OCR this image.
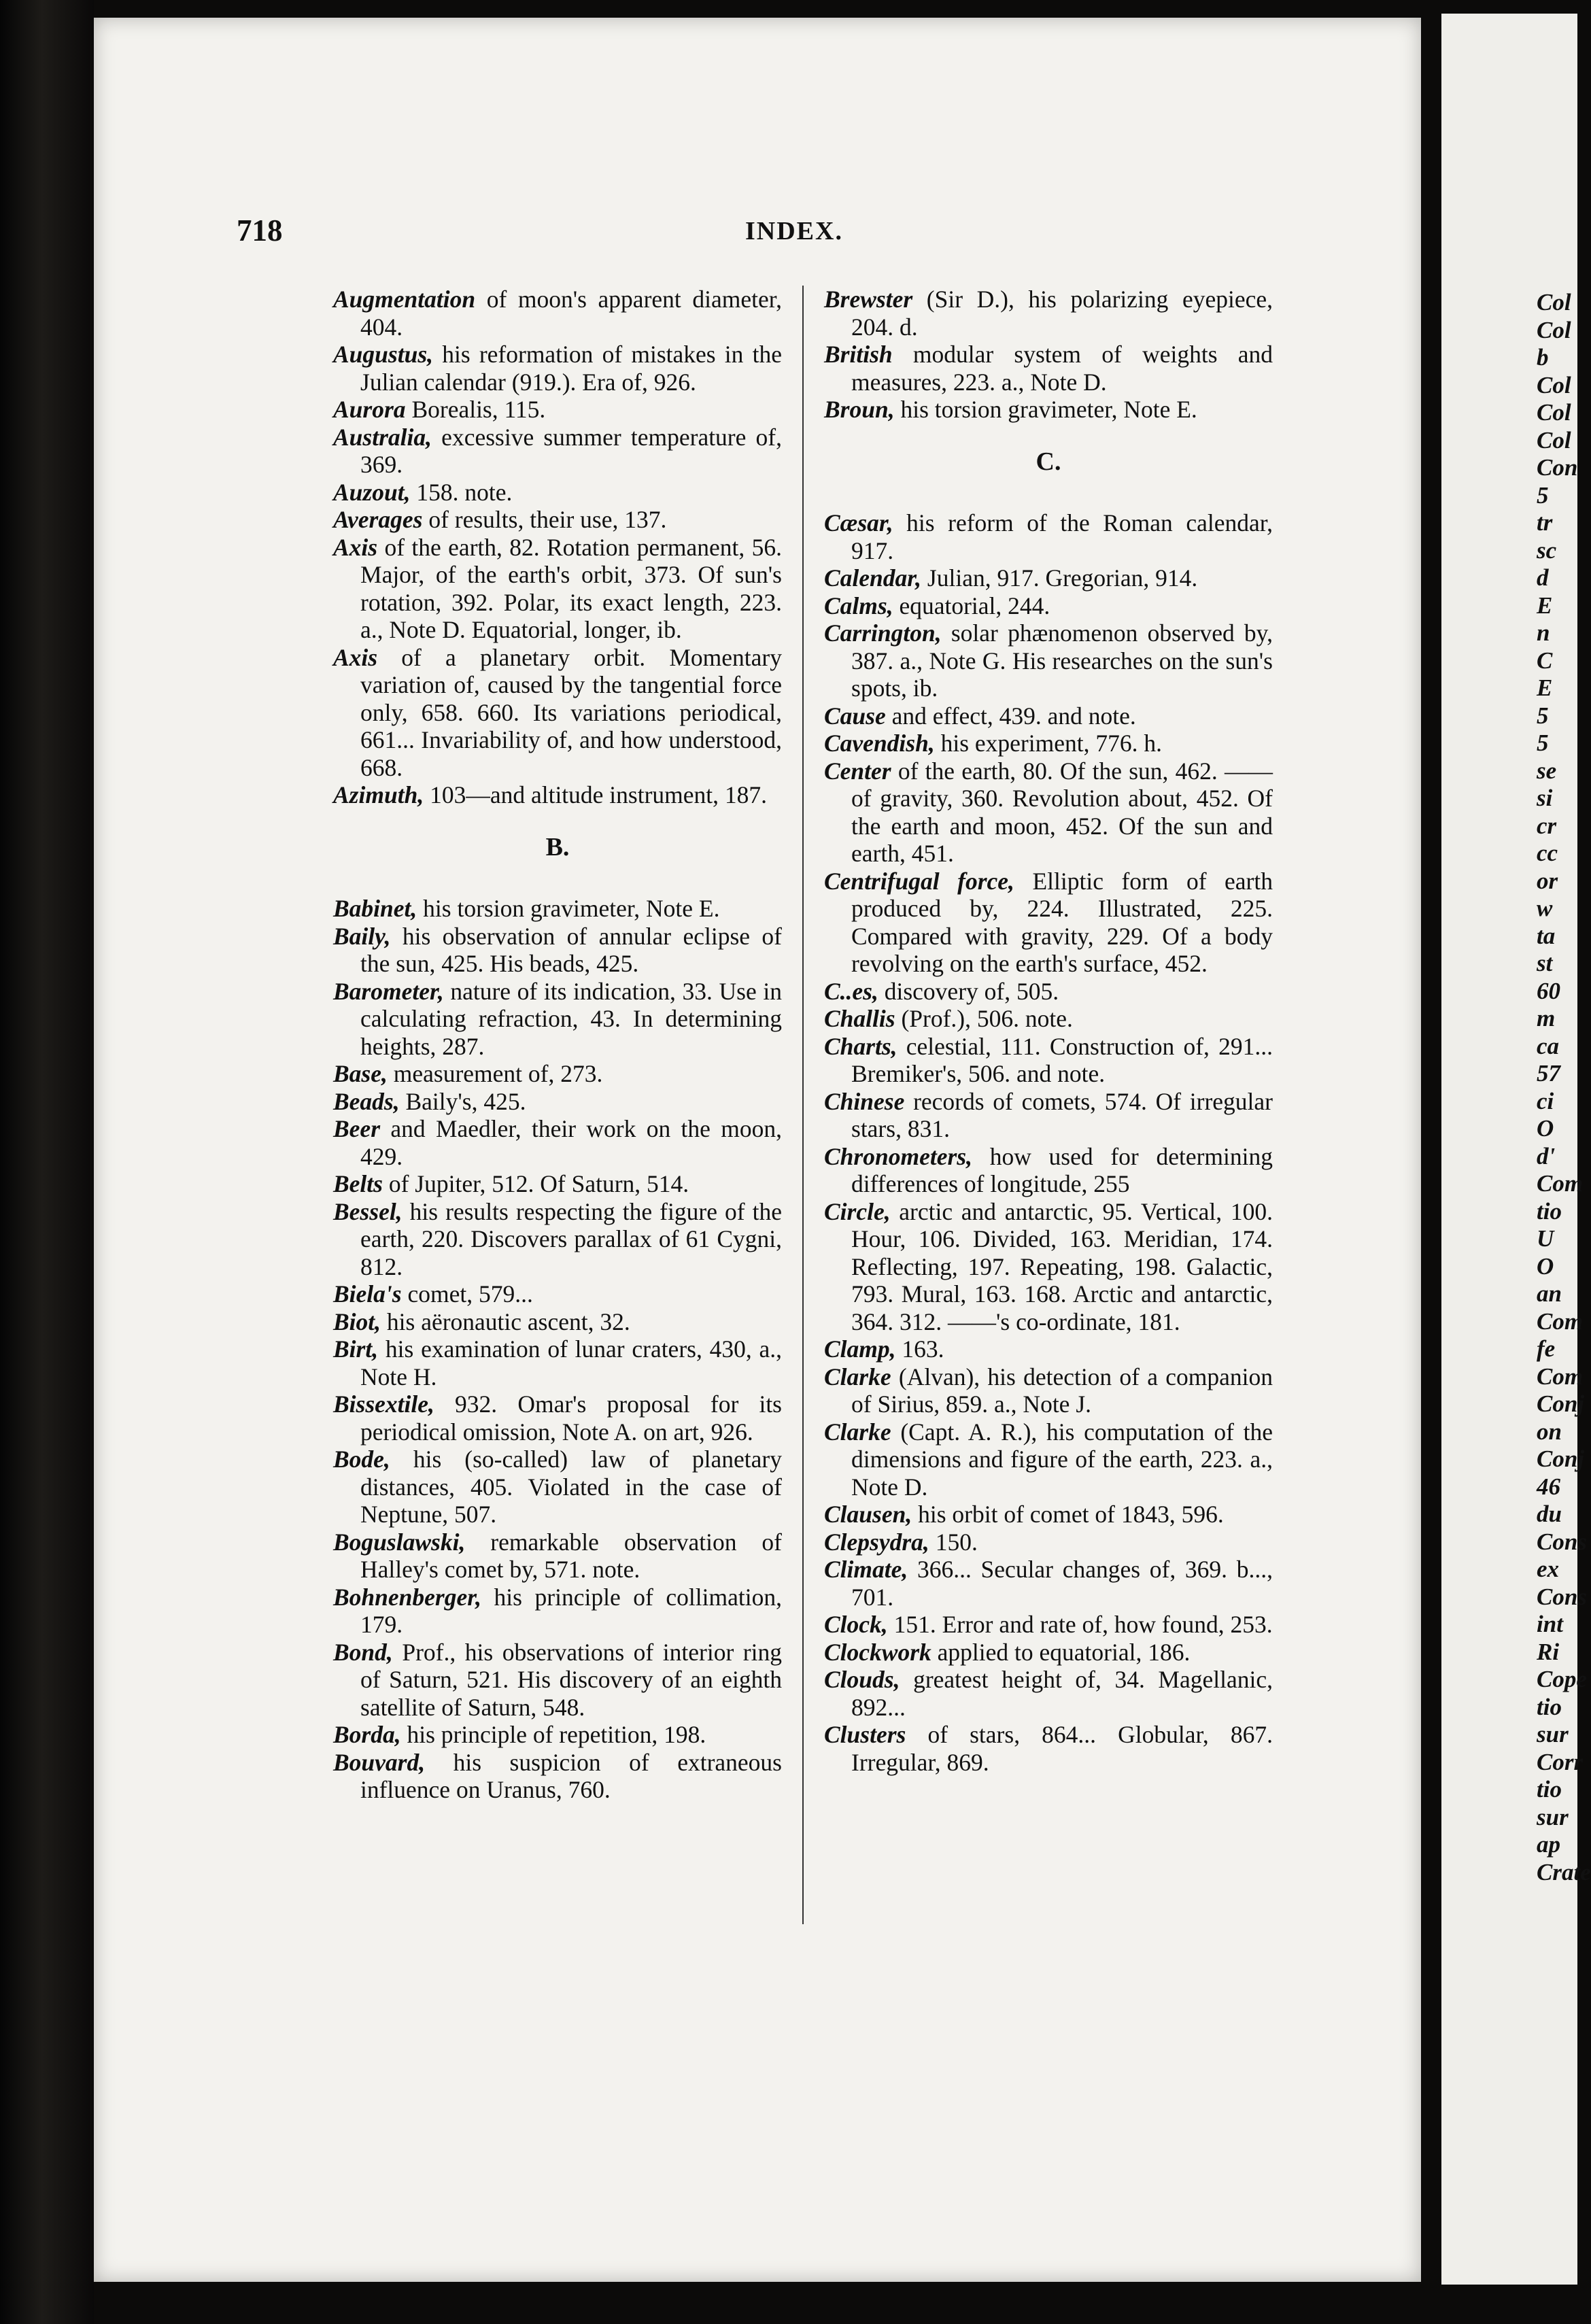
718	INDEX.

Augmentation of moon's apparent diameter, 404.

Augustus, his reformation of mistakes in the Julian calendar (919.). Era of, 926.

Aurora Borealis, 115.

Australia, excessive summer temperature of, 369.

Auzout, 158. note.

Averages of results, their use, 137.

Axis of the earth, 82. Rotation permanent, 56. Major, of the earth's orbit, 373. Of sun's rotation, 392. Polar, its exact length, 223. a., Note D. Equatorial, longer, ib.

Axis of a planetary orbit. Momentary variation of, caused by the tangential force only, 658. 660. Its variations periodical, 661... Invariability of, and how understood, 668.

Azimuth, 103—and altitude instrument, 187.

B.

Babinet, his torsion gravimeter, Note E.

Baily, his observation of annular eclipse of the sun, 425. His beads, 425.

Barometer, nature of its indication, 33. Use in calculating refraction, 43. In determining heights, 287.

Base, measurement of, 273.

Beads, Baily's, 425.

Beer and Maedler, their work on the moon, 429.

Belts of Jupiter, 512. Of Saturn, 514.

Bessel, his results respecting the figure of the earth, 220. Discovers parallax of 61 Cygni, 812.

Biela's comet, 579...

Biot, his aëronautic ascent, 32.

Birt, his examination of lunar craters, 430, a., Note H.

Bissextile, 932. Omar's proposal for its periodical omission, Note A. on art, 926.

Bode, his (so-called) law of planetary distances, 405. Violated in the case of Neptune, 507.

Boguslawski, remarkable observation of Halley's comet by, 571. note.

Bohnenberger, his principle of collimation, 179.

Bond, Prof., his observations of interior ring of Saturn, 521. His discovery of an eighth satellite of Saturn, 548.

Borda, his principle of repetition, 198.

Bouvard, his suspicion of extraneous influence on Uranus, 760.

Brewster (Sir D.), his polarizing eyepiece, 204. d.

British modular system of weights and measures, 223. a., Note D.

Broun, his torsion gravimeter, Note E.

C.

Cæsar, his reform of the Roman calendar, 917.

Calendar, Julian, 917. Gregorian, 914.

Calms, equatorial, 244.

Carrington, solar phænomenon observed by, 387. a., Note G. His researches on the sun's spots, ib.

Cause and effect, 439. and note.

Cavendish, his experiment, 776. h.

Center of the earth, 80. Of the sun, 462. —— of gravity, 360. Revolution about, 452. Of the earth and moon, 452. Of the sun and earth, 451.

Centrifugal force, Elliptic form of earth produced by, 224. Illustrated, 225. Compared with gravity, 229. Of a body revolving on the earth's surface, 452.

C..es, discovery of, 505.

Challis (Prof.), 506. note.

Charts, celestial, 111. Construction of, 291... Bremiker's, 506. and note.

Chinese records of comets, 574. Of irregular stars, 831.

Chronometers, how used for determining differences of longitude, 255

Circle, arctic and antarctic, 95. Vertical, 100. Hour, 106. Divided, 163. Meridian, 174. Reflecting, 197. Repeating, 198. Galactic, 793. Mural, 163. 168. Arctic and antarctic, 364. 312. ——'s co-ordinate, 181.

Clamp, 163.

Clarke (Alvan), his detection of a companion of Sirius, 859. a., Note J.

Clarke (Capt. A. R.), his computation of the dimensions and figure of the earth, 223. a., Note D.

Clausen, his orbit of comet of 1843, 596.

Clepsydra, 150.

Climate, 366... Secular changes of, 369. b..., 701.

Clock, 151. Error and rate of, how found, 253.

Clockwork applied to equatorial, 186.

Clouds, greatest height of, 34. Magellanic, 892...

Clusters of stars, 864... Globular, 867. Irregular, 869.

Col
Col
b
Col
Col
Col
Con
5
tr
sc
d
E
n
C
E
5
5
se
si
cr
cc
or
w
ta
st
60
m
ca
57
ci
O
d'
Com
tio
U
O
an
Com
fe
Com
Conj
on
Conj
46
du
Cons
ex
Cons
int
Ri
Cope
tio
sur
Corr
tio
sur
ap
Crate
